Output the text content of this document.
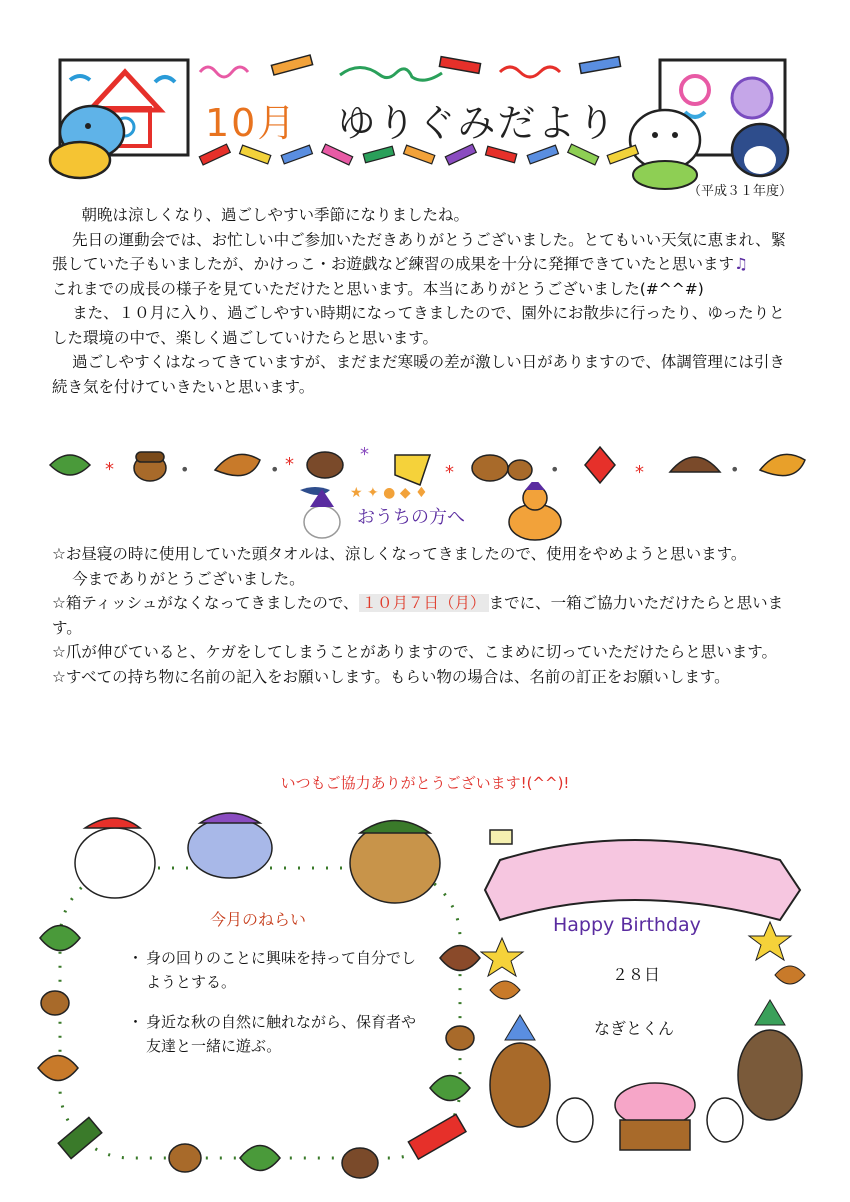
10月 ゆりぐみだより
（平成３１年度）

朝晩は涼しくなり、過ごしやすい季節になりましたね。

先日の運動会では、お忙しい中ご参加いただきありがとうございました。とてもいい天気に恵まれ、緊張していた子もいましたが、かけっこ・お遊戯など練習の成果を十分に発揮できていたと思います♫

これまでの成長の様子を見ていただけたと思います。本当にありがとうございました(#^^#)

また、１０月に入り、過ごしやすい時期になってきましたので、園外にお散歩に行ったり、ゆったりとした環境の中で、楽しく過ごしていけたらと思います。

過ごしやすくはなってきていますが、まだまだ寒暖の差が激しい日がありますので、体調管理には引き続き気を付けていきたいと思います。

*	•	• *	*
*	•	*	•
★ ✦ ● ◆ ♦
おうちの方へ

☆お昼寝の時に使用していた頭タオルは、涼しくなってきましたので、使用をやめようと思います。

今までありがとうございました。

☆箱ティッシュがなくなってきましたので、 １０月７日（月） までに、一箱ご協力いただけたらと思います。

☆爪が伸びていると、ケガをしてしまうことがありますので、こまめに切っていただけたらと思います。

☆すべての持ち物に名前の記入をお願いします。もらい物の場合は、名前の訂正をお願いします。

いつもご協力ありがとうございます!(^^)!
今月のねらい
・ 身の回りのことに興味を持って自分でしようとする。
・ 身近な秋の自然に触れながら、保育者や友達と一緒に遊ぶ。
Happy Birthday
２８日
なぎとくん
